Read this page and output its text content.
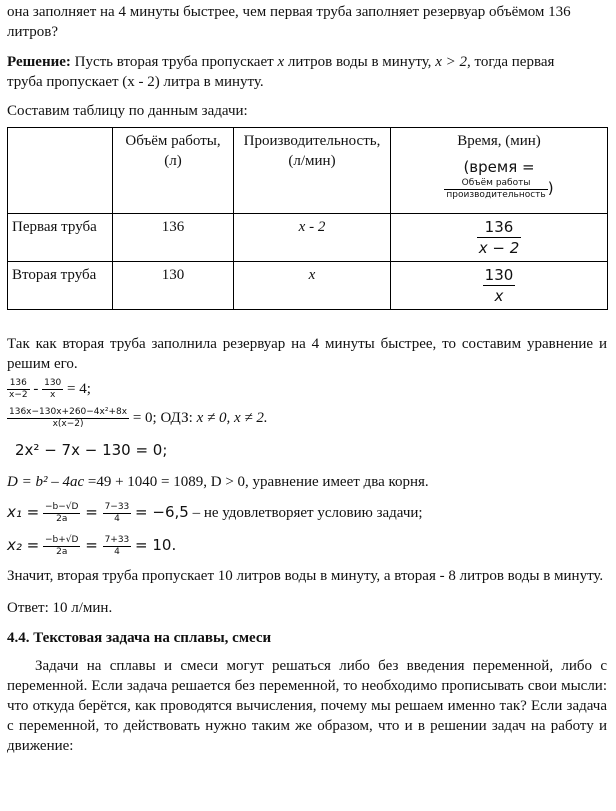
она заполняет на 4 минуты быстрее, чем первая труба заполняет резервуар объёмом 136

литров?

Решение: Пусть вторая труба пропускает x литров воды в минуту, x > 2, тогда первая

труба пропускает (x - 2) литра в минуту.

Составим таблицу по данным задачи:

	Объём работы, (л)	Производительность, (л/мин)	Время, (мин)
(время =

$\frac{\text{Объём работы}}{\text{производительность}}$ )

Первая труба	136	x - 2	$\frac{136}{x - 2}$

Вторая труба	130	x	$\frac{130}{x}$

Так как вторая труба заполнила резервуар на 4 минуты быстрее, то составим уравнение и решим его.

$\frac{136}{x-2} - \frac{130}{x} = 4$;

$\frac{\text{136x−130x+260−4x²+8x}}{x(x-2)} = 0$; ОДЗ: x ≠ 0, x ≠ 2.

2x² − 7x − 130 = 0;

D = b² – 4ac =49 + 1040 = 1089, D > 0, уравнение имеет два корня.

$x_1 = \frac{-b-√D}{2a} = \frac{7-33}{4} = -6,5$ – не удовлетворяет условию задачи;

$x_2 = \frac{-b+√D}{2a} = \frac{7+33}{4} = 10$.

Значит, вторая труба пропускает 10 литров воды в минуту, а вторая - 8 литров воды в минуту.

Ответ: 10 л/мин.

4.4. Текстовая задача на сплавы, смеси

Задачи на сплавы и смеси могут решаться либо без введения переменной, либо с переменной. Если задача решается без переменной, то необходимо прописывать свои мысли: что откуда берётся, как проводятся вычисления, почему мы решаем именно так? Если задача с переменной, то действовать нужно таким же образом, что и в решении задач на работу и движение:
